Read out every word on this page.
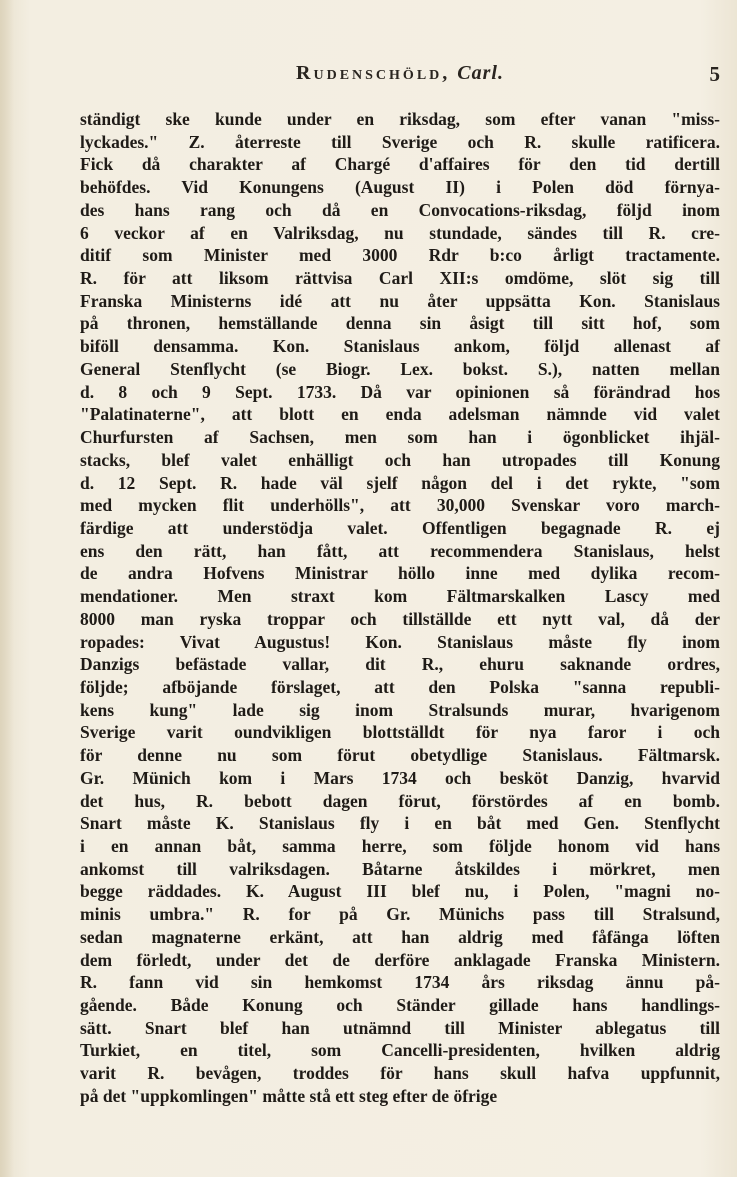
Rudenschöld, Carl.	5
ständigt ske kunde under en riksdag, som efter vanan "miss-
lyckades." Z. återreste till Sverige och R. skulle ratificera.
Fick då charakter af Chargé d'affaires för den tid dertill
behöfdes. Vid Konungens (August II) i Polen död förnya-
des hans rang och då en Convocations-riksdag, följd inom
6 veckor af en Valriksdag, nu stundade, sändes till R. cre-
ditif som Minister med 3000 Rdr b:co årligt tractamente.
R. för att liksom rättvisa Carl XII:s omdöme, slöt sig till
Franska Ministerns idé att nu åter uppsätta Kon. Stanislaus
på thronen, hemställande denna sin åsigt till sitt hof, som
biföll densamma. Kon. Stanislaus ankom, följd allenast af
General Stenflycht (se Biogr. Lex. bokst. S.), natten mellan
d. 8 och 9 Sept. 1733. Då var opinionen så förändrad hos
"Palatinaterne", att blott en enda adelsman nämnde vid valet
Churfursten af Sachsen, men som han i ögonblicket ihjäl-
stacks, blef valet enhälligt och han utropades till Konung
d. 12 Sept. R. hade väl sjelf någon del i det rykte, "som
med mycken flit underhölls", att 30,000 Svenskar voro march-
färdige att understödja valet. Offentligen begagnade R. ej
ens den rätt, han fått, att recommendera Stanislaus, helst
de andra Hofvens Ministrar höllo inne med dylika recom-
mendationer. Men straxt kom Fältmarskalken Lascy med
8000 man ryska troppar och tillställde ett nytt val, då der
ropades: Vivat Augustus! Kon. Stanislaus måste fly inom
Danzigs befästade vallar, dit R., ehuru saknande ordres,
följde; afböjande förslaget, att den Polska "sanna republi-
kens kung" lade sig inom Stralsunds murar, hvarigenom
Sverige varit oundvikligen blottställdt för nya faror i och
för denne nu som förut obetydlige Stanislaus. Fältmarsk.
Gr. Münich kom i Mars 1734 och besköt Danzig, hvarvid
det hus, R. bebott dagen förut, förstördes af en bomb.
Snart måste K. Stanislaus fly i en båt med Gen. Stenflycht
i en annan båt, samma herre, som följde honom vid hans
ankomst till valriksdagen. Båtarne åtskildes i mörkret, men
begge räddades. K. August III blef nu, i Polen, "magni no-
minis umbra." R. for på Gr. Münichs pass till Stralsund,
sedan magnaterne erkänt, att han aldrig med fåfänga löften
dem förledt, under det de derföre anklagade Franska Ministern.
R. fann vid sin hemkomst 1734 års riksdag ännu på-
gående. Både Konung och Ständer gillade hans handlings-
sätt. Snart blef han utnämnd till Minister ablegatus till
Turkiet, en titel, som Cancelli-presidenten, hvilken aldrig
varit R. bevågen, troddes för hans skull hafva uppfunnit,
på det "uppkomlingen" måtte stå ett steg efter de öfrige
